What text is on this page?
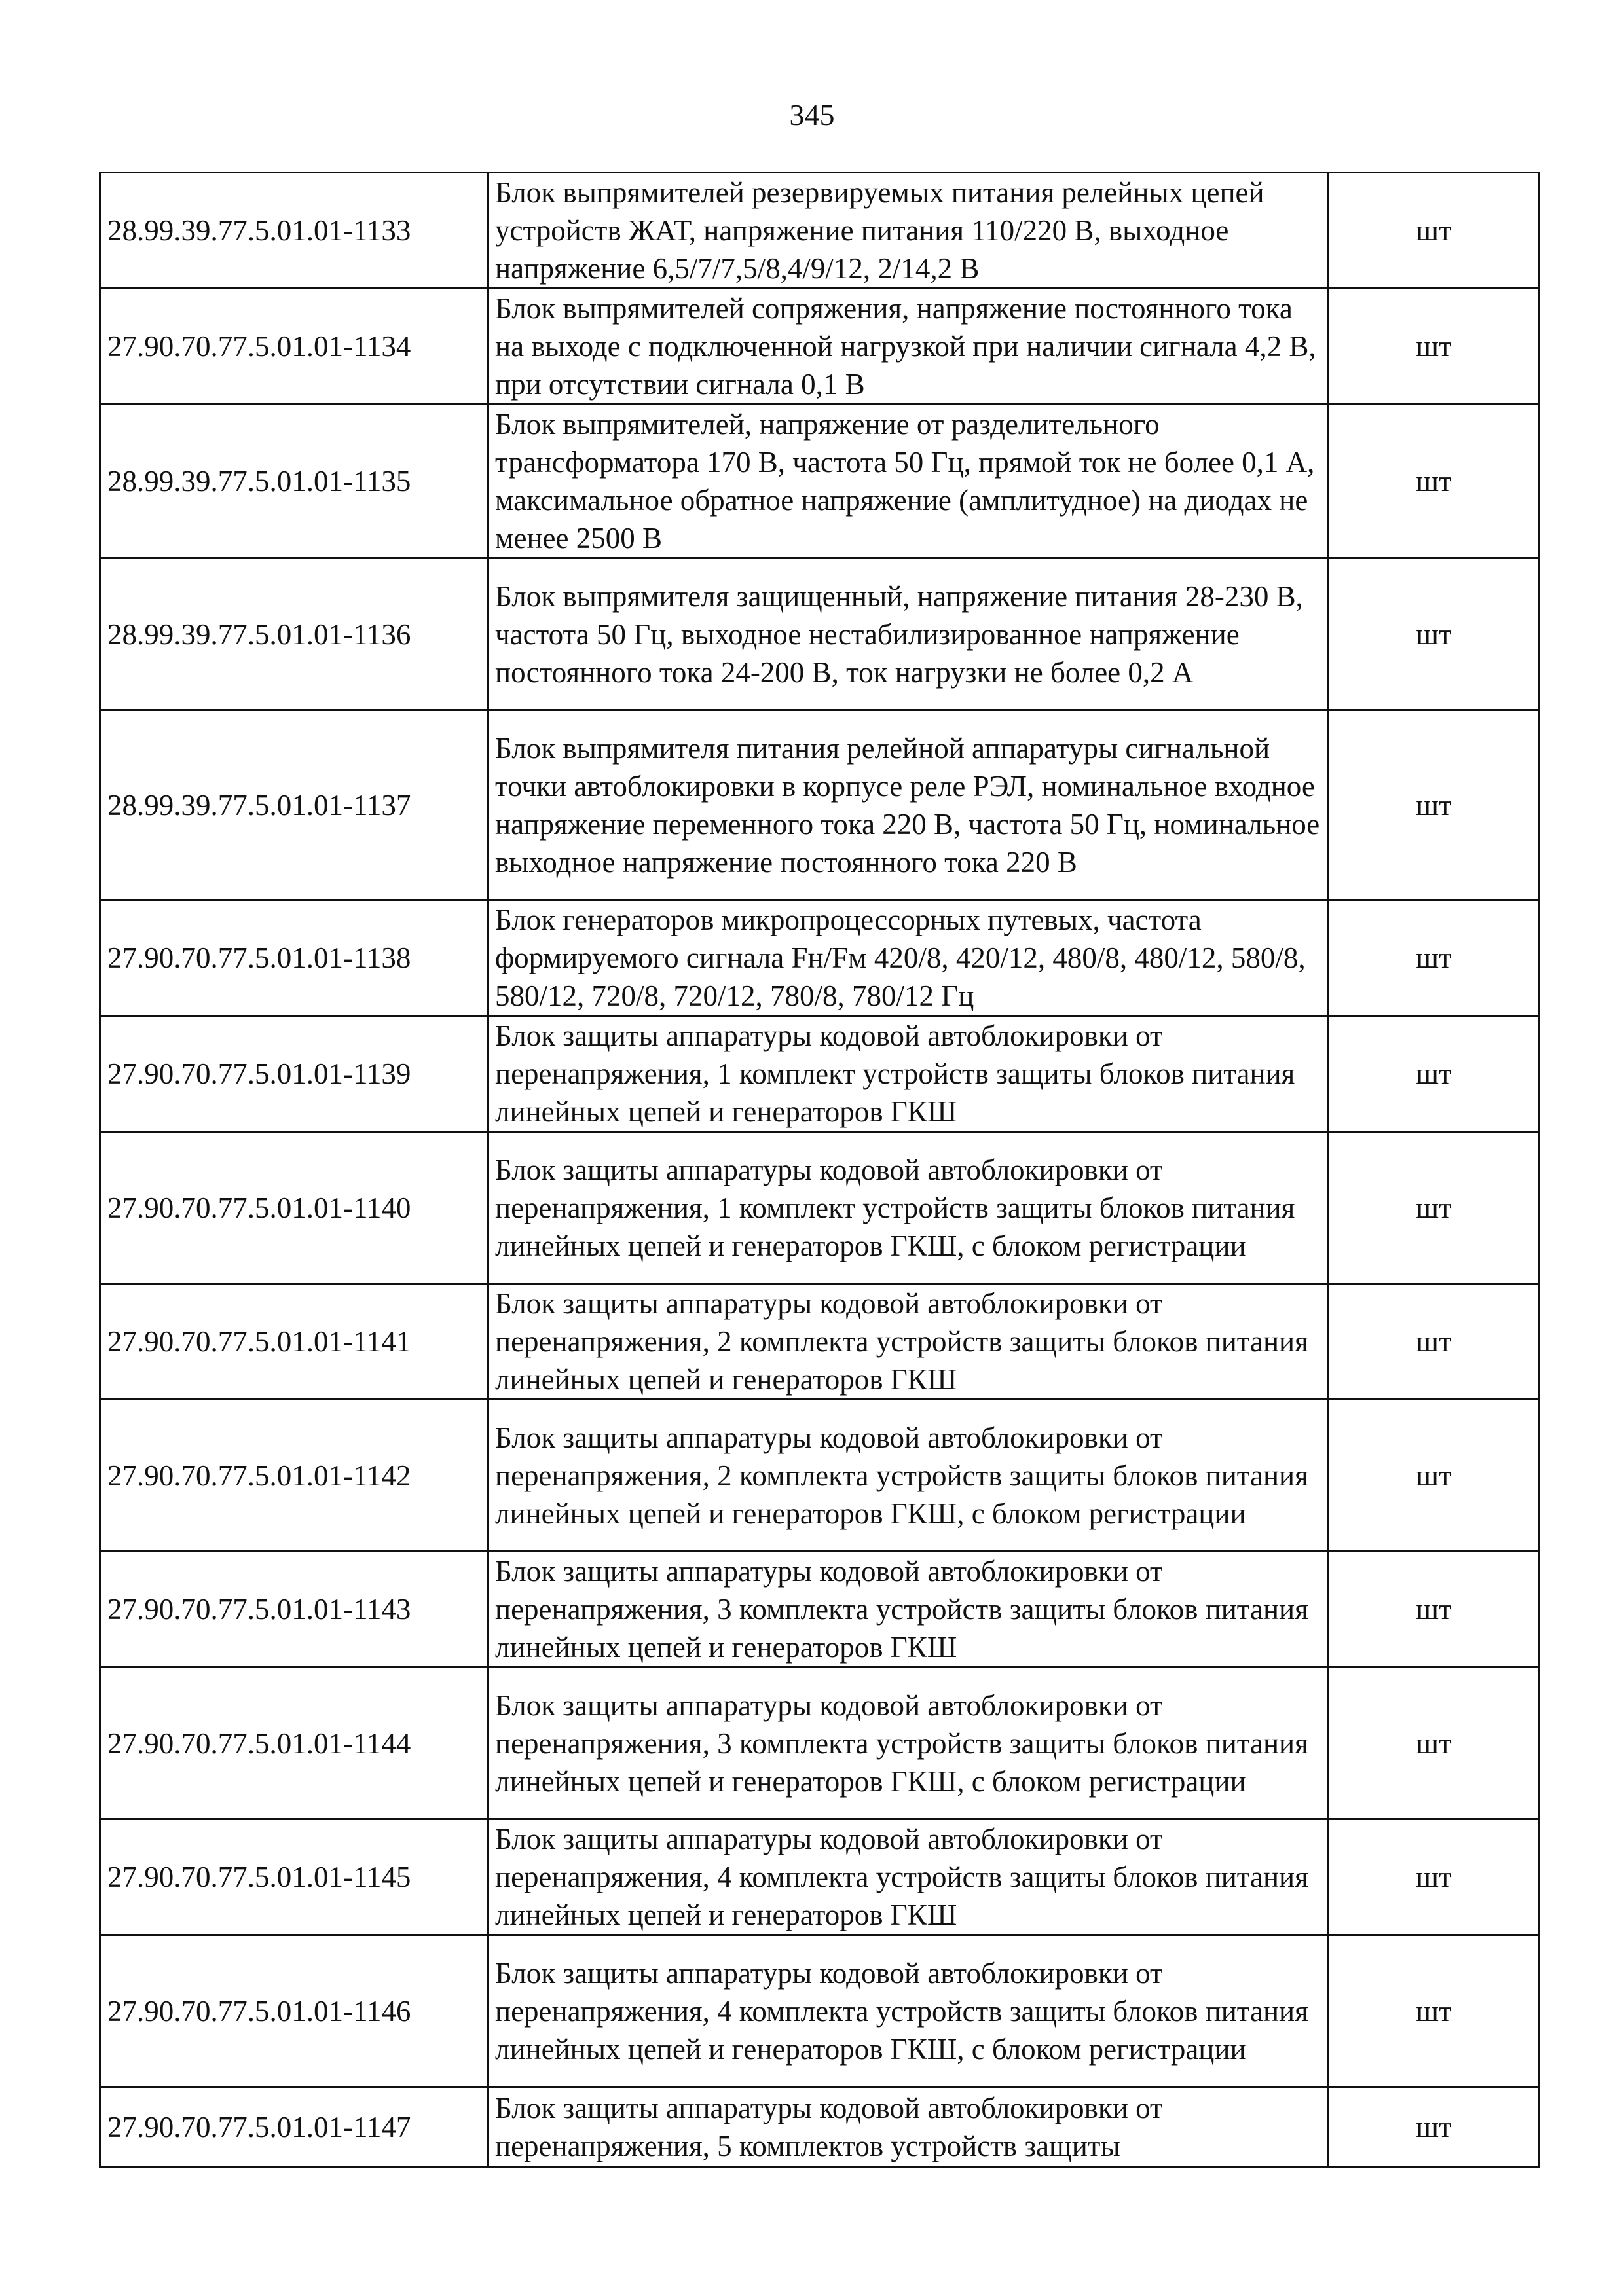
345
28.99.39.77.5.01.01-1133	Блок выпрямителей резервируемых питания релейных цепей устройств ЖАТ, напряжение питания 110/220 В, выходное напряжение 6,5/7/7,5/8,4/9/12, 2/14,2 В	шт
27.90.70.77.5.01.01-1134	Блок выпрямителей сопряжения, напряжение постоянного тока на выходе с подключенной нагрузкой при наличии сигнала 4,2 В, при отсутствии сигнала 0,1 В	шт
28.99.39.77.5.01.01-1135	Блок выпрямителей, напряжение от разделительного трансформатора 170 В, частота 50 Гц, прямой ток не более 0,1 А, максимальное обратное напряжение (амплитудное) на диодах не менее 2500 В	шт
28.99.39.77.5.01.01-1136	Блок выпрямителя защищенный, напряжение питания 28-230 В, частота 50 Гц, выходное нестабилизированное напряжение постоянного тока 24-200 В, ток нагрузки не более 0,2 А	шт
28.99.39.77.5.01.01-1137	Блок выпрямителя питания релейной аппаратуры сигнальной точки автоблокировки в корпусе реле РЭЛ, номинальное входное напряжение переменного тока 220 В, частота 50 Гц, номинальное выходное напряжение постоянного тока 220 В	шт
27.90.70.77.5.01.01-1138	Блок генераторов микропроцессорных путевых, частота формируемого сигнала Fн/Fм 420/8, 420/12, 480/8, 480/12, 580/8, 580/12, 720/8, 720/12, 780/8, 780/12 Гц	шт
27.90.70.77.5.01.01-1139	Блок защиты аппаратуры кодовой автоблокировки от перенапряжения, 1 комплект устройств защиты блоков питания линейных цепей и генераторов ГКШ	шт
27.90.70.77.5.01.01-1140	Блок защиты аппаратуры кодовой автоблокировки от перенапряжения, 1 комплект устройств защиты блоков питания линейных цепей и генераторов ГКШ, с блоком регистрации	шт
27.90.70.77.5.01.01-1141	Блок защиты аппаратуры кодовой автоблокировки от перенапряжения, 2 комплекта устройств защиты блоков питания линейных цепей и генераторов ГКШ	шт
27.90.70.77.5.01.01-1142	Блок защиты аппаратуры кодовой автоблокировки от перенапряжения, 2 комплекта устройств защиты блоков питания линейных цепей и генераторов ГКШ, с блоком регистрации	шт
27.90.70.77.5.01.01-1143	Блок защиты аппаратуры кодовой автоблокировки от перенапряжения, 3 комплекта устройств защиты блоков питания линейных цепей и генераторов ГКШ	шт
27.90.70.77.5.01.01-1144	Блок защиты аппаратуры кодовой автоблокировки от перенапряжения, 3 комплекта устройств защиты блоков питания линейных цепей и генераторов ГКШ, с блоком регистрации	шт
27.90.70.77.5.01.01-1145	Блок защиты аппаратуры кодовой автоблокировки от перенапряжения, 4 комплекта устройств защиты блоков питания линейных цепей и генераторов ГКШ	шт
27.90.70.77.5.01.01-1146	Блок защиты аппаратуры кодовой автоблокировки от перенапряжения, 4 комплекта устройств защиты блоков питания линейных цепей и генераторов ГКШ, с блоком регистрации	шт
27.90.70.77.5.01.01-1147	Блок защиты аппаратуры кодовой автоблокировки от перенапряжения, 5 комплектов устройств защиты	шт
